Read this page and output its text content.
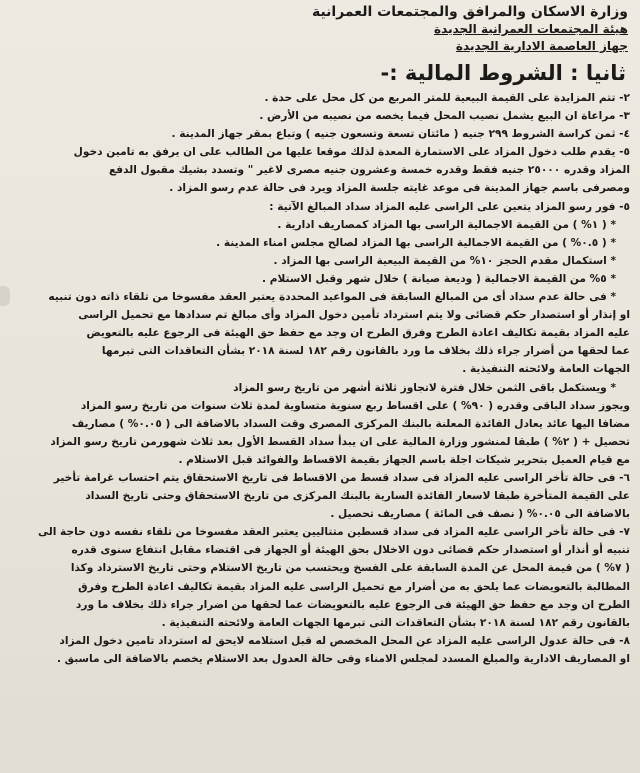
وزارة الاسكان والمرافق والمجتمعات العمرانية
هيئة المجتمعات العمرانية الجديدة
جهاز العاصمة الادارية الجديدة
ثانيا : الشروط المالية :-
٢- تتم المزايدة على القيمة البيعية للمتر المربع من كل محل على حدة .
٣- مراعاة ان البيع يشمل نصيب المحل فيما يخصه من نصيبه من الأرض .
٤- ثمن كراسة الشروط ٢٩٩ جنيه ( مائتان تسعة وتسعون جنيه ) وتباع بمقر جهاز المدينة .
٥- يقدم طلب دخول المزاد على الاستمارة المعدة لذلك موقعا عليها من الطالب على ان يرفق به تامين دخول
المزاد وقدره ٢٥٠٠٠ جنيه فقط وقدره خمسة وعشرون جنيه مصرى لاغير " وتسدد بشيك مقبول الدفع
ومصرفى باسم جهاز المدينة فى موعد غايته جلسة المزاد ويرد فى حالة عدم رسو المزاد .
٥- فور رسو المزاد يتعين على الراسى عليه المزاد سداد المبالغ الآتية :
* ( ١% ) من القيمة الاجمالية الراسى بها المزاد كمصاريف ادارية .
* ( ٠.٥% ) من القيمة الاجمالية الراسى بها المزاد لصالح مجلس امناء المدينة .
* استكمال مقدم الحجز ١٠% من القيمة البيعية الراسى بها المزاد .
* ٥% من القيمة الاجمالية ( وديعة صيانة ) خلال شهر وقبل الاستلام .
* فى حالة عدم سداد أى من المبالغ السابقة فى المواعيد المحددة يعتبر العقد مفسوخا من تلقاء ذاته دون تنبيه
او إنذار أو استصدار حكم قضائى ولا يتم استرداد تأمين دخول المزاد وأى مبالغ تم سدادها مع تحميل الراسى
عليه المزاد بقيمة تكاليف اعادة الطرح وفرق الطرح ان وجد مع حفظ حق الهيئة فى الرجوع عليه بالتعويض
عما لحقها من أضرار جراء ذلك بخلاف ما ورد بالقانون رقم ١٨٢ لسنة ٢٠١٨ بشأن التعاقدات التى تبرمها
الجهات العامة ولائحته التنفيذية .
* ويستكمل باقى الثمن خلال فترة لاتجاوز ثلاثة أشهر من تاريخ رسو المزاد
ويجوز سداد الباقى وقدره ( ٩٠% ) على اقساط ربع سنوية متساوية لمدة ثلاث سنوات من تاريخ رسو المزاد
مضافا اليها عائد يعادل الفائدة المعلنة بالبنك المركزى المصرى وقت السداد بالاضافة الى ( ٠.٠٥% ) مصاريف
تحصيل + ( ٢% ) طبقا لمنشور وزارة المالية على ان يبدأ سداد القسط الأول بعد ثلاث شهورمن تاريخ رسو المزاد
مع قيام العميل بتحرير شيكات اجلة باسم الجهاز بقيمة الاقساط والفوائد قبل الاستلام .
٦- فى حالة تأخر الراسى عليه المزاد فى سداد قسط من الاقساط فى تاريخ الاستحقاق يتم احتساب غرامة تأخير
على القيمة المتأخرة طبقا لاسعار الفائدة السارية بالبنك المركزى من تاريخ الاستحقاق وحتى تاريخ السداد
بالاضافة الى ٠.٠٥% ( نصف فى المائة ) مصاريف تحصيل .
٧- فى حالة تأخر الراسى عليه المزاد فى سداد قسطين متتاليين يعتبر العقد مفسوخا من تلقاء نفسه دون حاجة الى
تنبيه أو أنذار أو استصدار حكم قضائى دون الاخلال بحق الهيئة أو الجهاز فى اقتضاء مقابل انتفاع سنوى قدره
( ٧% ) من قيمة المحل عن المدة السابقة على الفسخ ويحتسب من تاريخ الاستلام وحتى تاريخ الاسترداد وكذا
المطالبة بالتعويضات عما يلحق به من أضرار مع تحميل الراسى عليه المزاد بقيمة تكاليف اعادة الطرح وفرق
الطرح ان وجد مع حفظ حق الهيئة فى الرجوع عليه بالتعويضات عما لحقها من اضرار جراء ذلك بخلاف ما ورد
بالقانون رقم ١٨٢ لسنة ٢٠١٨ بشأن التعاقدات التى تبرمها الجهات العامة ولائحته التنفيذية .
٨- فى حالة عدول الراسى عليه المزاد عن المحل المخصص له قبل استلامه لايحق له استرداد تامين دخول المزاد
او المصاريف الادارية والمبلغ المسدد لمجلس الامناء وفى حالة العدول بعد الاستلام يخصم بالاضافة الى ماسبق .
